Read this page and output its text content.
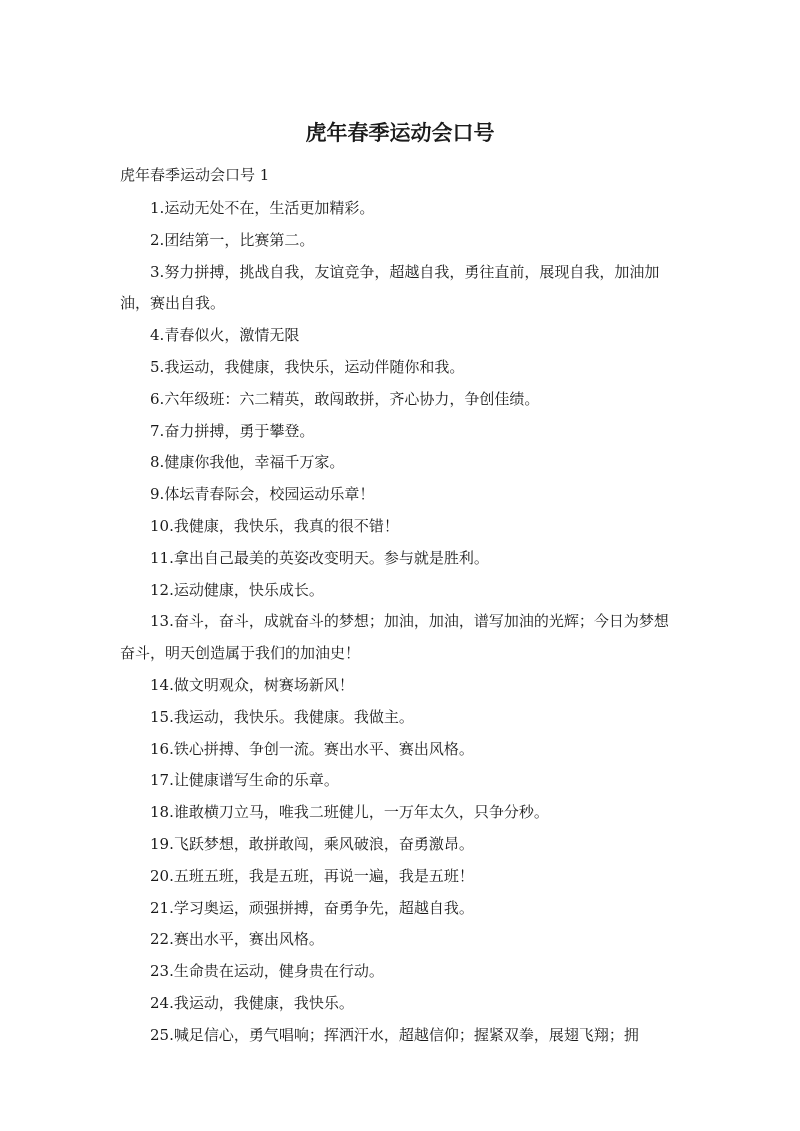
虎年春季运动会口号

虎年春季运动会口号 1

1.运动无处不在，生活更加精彩。
2.团结第一，比赛第二。
3.努力拼搏，挑战自我，友谊竞争，超越自我，勇往直前，展现自我，加油加油，赛出自我。
4.青春似火，激情无限
5.我运动，我健康，我快乐，运动伴随你和我。
6.六年级班：六二精英，敢闯敢拼，齐心协力，争创佳绩。
7.奋力拼搏，勇于攀登。
8.健康你我他，幸福千万家。
9.体坛青春际会，校园运动乐章！
10.我健康，我快乐，我真的很不错！
11.拿出自己最美的英姿改变明天。参与就是胜利。
12.运动健康，快乐成长。
13.奋斗，奋斗，成就奋斗的梦想；加油，加油，谱写加油的光辉；今日为梦想奋斗，明天创造属于我们的加油史！
14.做文明观众，树赛场新风！
15.我运动，我快乐。我健康。我做主。
16.铁心拼搏、争创一流。赛出水平、赛出风格。
17.让健康谱写生命的乐章。
18.谁敢横刀立马，唯我二班健儿，一万年太久，只争分秒。
19.飞跃梦想，敢拼敢闯，乘风破浪，奋勇激昂。
20.五班五班，我是五班，再说一遍，我是五班！
21.学习奥运，顽强拼搏，奋勇争先，超越自我。
22.赛出水平，赛出风格。
23.生命贵在运动，健身贵在行动。
24.我运动，我健康，我快乐。
25.喊足信心，勇气唱响；挥洒汗水，超越信仰；握紧双拳，展翅飞翔；拥
